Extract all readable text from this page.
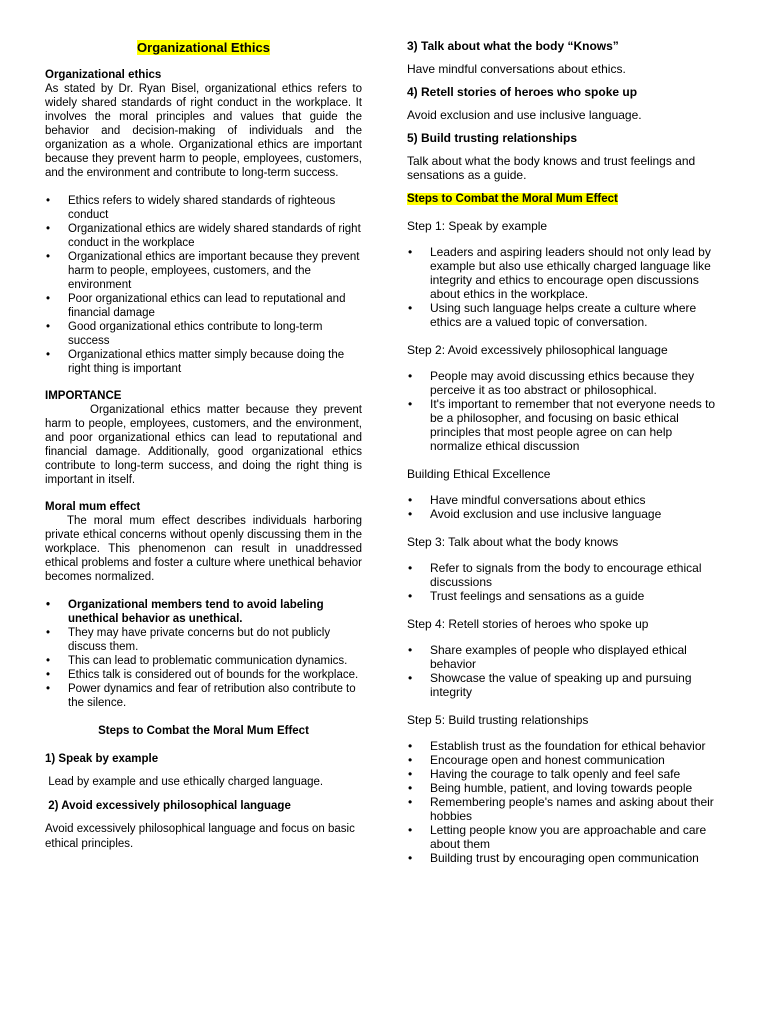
Organizational Ethics
Organizational ethics
As stated by Dr. Ryan Bisel, organizational ethics refers to widely shared standards of right conduct in the workplace. It involves the moral principles and values that guide the behavior and decision-making of individuals and the organization as a whole. Organizational ethics are important because they prevent harm to people, employees, customers, and the environment and contribute to long-term success.
• Ethics refers to widely shared standards of righteous conduct
• Organizational ethics are widely shared standards of right conduct in the workplace
• Organizational ethics are important because they prevent harm to people, employees, customers, and the environment
• Poor organizational ethics can lead to reputational and financial damage
• Good organizational ethics contribute to long-term success
• Organizational ethics matter simply because doing the right thing is important
IMPORTANCE
Organizational ethics matter because they prevent harm to people, employees, customers, and the environment, and poor organizational ethics can lead to reputational and financial damage. Additionally, good organizational ethics contribute to long-term success, and doing the right thing is important in itself.
Moral mum effect
The moral mum effect describes individuals harboring private ethical concerns without openly discussing them in the workplace. This phenomenon can result in unaddressed ethical problems and foster a culture where unethical behavior becomes normalized.
• Organizational members tend to avoid labeling unethical behavior as unethical.
• They may have private concerns but do not publicly discuss them.
• This can lead to problematic communication dynamics.
• Ethics talk is considered out of bounds for the workplace.
• Power dynamics and fear of retribution also contribute to the silence.
Steps to Combat the Moral Mum Effect
1) Speak by example
Lead by example and use ethically charged language.
2) Avoid excessively philosophical language
Avoid excessively philosophical language and focus on basic ethical principles.
3) Talk about what the body “Knows”
Have mindful conversations about ethics.
4) Retell stories of heroes who spoke up
Avoid exclusion and use inclusive language.
5) Build trusting relationships
Talk about what the body knows and trust feelings and sensations as a guide.
Steps to Combat the Moral Mum Effect
Step 1: Speak by example
• Leaders and aspiring leaders should not only lead by example but also use ethically charged language like integrity and ethics to encourage open discussions about ethics in the workplace.
• Using such language helps create a culture where ethics are a valued topic of conversation.
Step 2: Avoid excessively philosophical language
• People may avoid discussing ethics because they perceive it as too abstract or philosophical.
• It's important to remember that not everyone needs to be a philosopher, and focusing on basic ethical principles that most people agree on can help normalize ethical discussion
Building Ethical Excellence
• Have mindful conversations about ethics
• Avoid exclusion and use inclusive language
Step 3: Talk about what the body knows
• Refer to signals from the body to encourage ethical discussions
• Trust feelings and sensations as a guide
Step 4: Retell stories of heroes who spoke up
• Share examples of people who displayed ethical behavior
• Showcase the value of speaking up and pursuing integrity
Step 5: Build trusting relationships
• Establish trust as the foundation for ethical behavior
• Encourage open and honest communication
• Having the courage to talk openly and feel safe
• Being humble, patient, and loving towards people
• Remembering people's names and asking about their hobbies
• Letting people know you are approachable and care about them
• Building trust by encouraging open communication
